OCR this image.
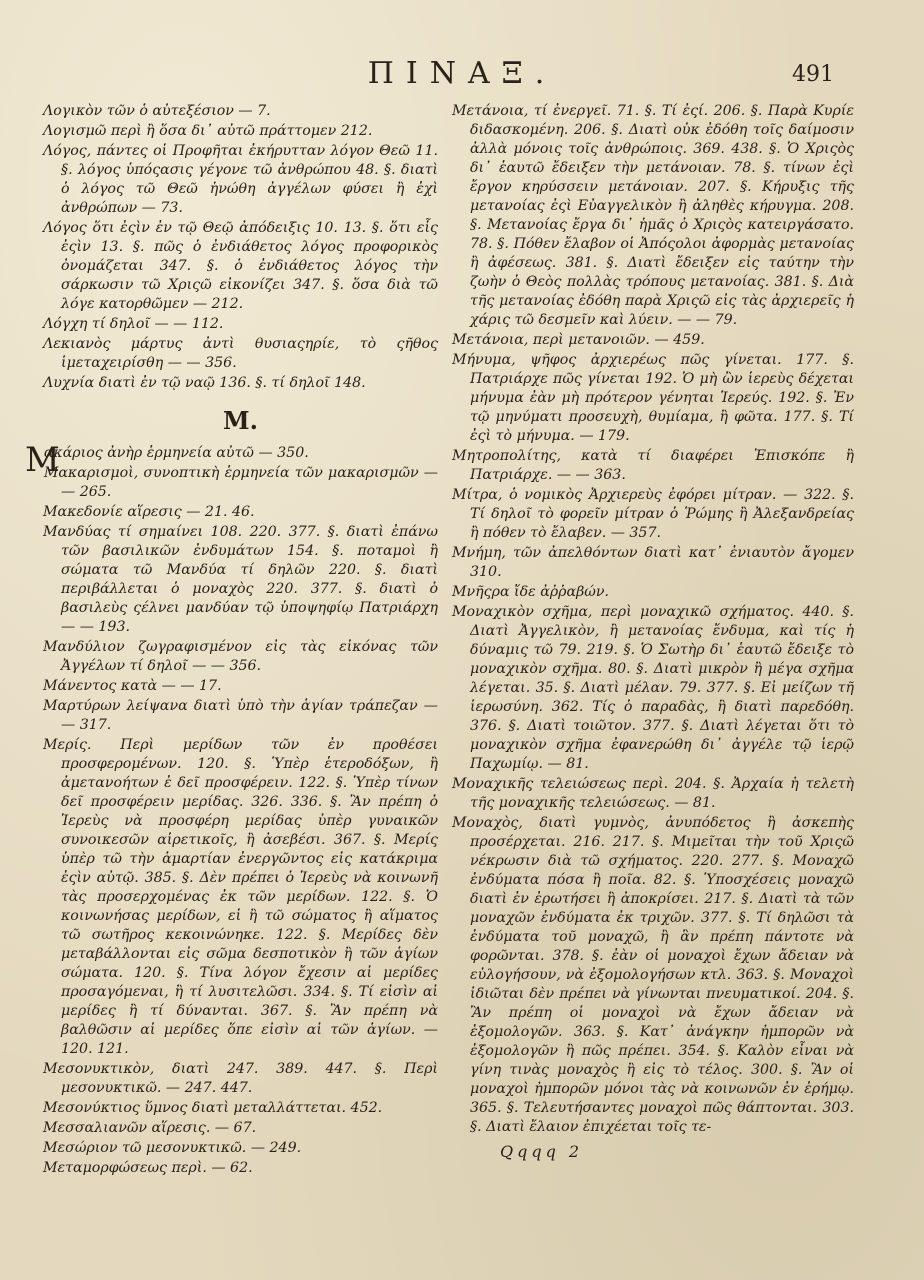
ΠΙΝΑΞ.	491

Λογικὸν τῶν ὁ αὐτεξέσιον — 7.

Λογισμῶ περὶ ἢ ὅσα δι᾿ αὐτῶ πράττομεν 212.

Λόγος, πάντες οἱ Προφῆται ἐκήρυτταν λόγον Θεῶ 11. §. λόγος ὑπόςασις γέγονε τῶ ἀνθρώπου 48. §. διατὶ ὁ λόγος τῶ Θεῶ ἡνώθη ἀγγέλων φύσει ἢ ἐχὶ ἀνθρώπων — 73.

Λόγος ὅτι ἐςὶν ἐν τῷ Θεῷ ἀπόδειξις 10. 13. §. ὅτι εἷς ἐςὶν 13. §. πῶς ὁ ἐνδιάθετος λόγος προφορικὸς ὀνομάζεται 347. §. ὁ ἐνδιάθετος λόγος τὴν σάρκωσιν τῶ Χριςῶ εἰκονίζει 347. §. ὅσα διὰ τῶ λόγε κατορθῶμεν — 212.

Λόγχη τί δηλοῖ — — 112.

Λεκιανὸς μάρτυς ἀντὶ θυσιαςηρίε, τὸ ςῆθος ἱμεταχειρίσθη — — 356.

Λυχνία διατὶ ἐν τῷ ναῷ 136. §. τί δηλοῖ 148.

Μ.

Μ
ακάριος ἀνὴρ ἑρμηνεία αὐτῶ — 350.

Μακαρισμοὶ, συνοπτικὴ ἑρμηνεία τῶν μακαρισμῶν — — 265.

Μακεδονίε αἵρεσις — 21. 46.

Μανδύας τί σημαίνει 108. 220. 377. §. διατὶ ἐπάνω τῶν βασιλικῶν ἐνδυμάτων 154. §. ποταμοὶ ἢ σώματα τῶ Μανδύα τί δηλῶν 220. §. διατὶ περιβάλλεται ὁ μοναχὸς 220. 377. §. διατὶ ὁ βασιλεὺς ςέλνει μανδύαν τῷ ὑποψηφίῳ Πατριάρχη — — 193.

Μανδύλιον ζωγραφισμένον εἰς τὰς εἰκόνας τῶν Ἀγγέλων τί δηλοῖ — — 356.

Μάνεντος κατὰ — — 17.

Μαρτύρων λείψανα διατὶ ὑπὸ τὴν ἁγίαν τράπεζαν — — 317.

Μερίς. Περὶ μερίδων τῶν ἐν προθέσει προσφερομένων. 120. §. Ὑπὲρ ἑτεροδόξων, ἢ ἀμετανοήτων ἐ δεῖ προσφέρειν. 122. §. Ὑπὲρ τίνων δεῖ προσφέρειν μερίδας. 326. 336. §. Ἂν πρέπη ὁ Ἱερεὺς νὰ προσφέρη μερίδας ὑπὲρ γυναικῶν συνοικεσῶν αἱρετικοῖς, ἢ ἀσεβέσι. 367. §. Μερίς ὑπὲρ τῶ τὴν ἁμαρτίαν ἐνεργῶντος εἰς κατάκριμα ἐςὶν αὐτῷ. 385. §. Δὲν πρέπει ὁ Ἱερεὺς νὰ κοινωνῆ τὰς προσερχομένας ἐκ τῶν μερίδων. 122. §. Ὁ κοινωνήσας μερίδων, εἰ ἢ τῶ σώματος ἢ αἵματος τῶ σωτῆρος κεκοινώνηκε. 122. §. Μερίδες δὲν μεταβάλλονται εἰς σῶμα δεσποτικὸν ἢ τῶν ἁγίων σώματα. 120. §. Τίνα λόγον ἔχεσιν αἱ μερίδες προσαγόμεναι, ἢ τί λυσιτελῶσι. 334. §. Τί εἰσὶν αἱ μερίδες ἢ τί δύνανται. 367. §. Ἂν πρέπη νὰ βαλθῶσιν αἱ μερίδες ὅπε εἰσὶν αἱ τῶν ἁγίων. — 120. 121.

Μεσονυκτικὸν, διατὶ 247. 389. 447. §. Περὶ μεσονυκτικῶ. — 247. 447.

Μεσονύκτιος ὕμνος διατὶ μεταλλάττεται. 452.

Μεσσαλιανῶν αἵρεσις. — 67.

Μεσώριον τῶ μεσονυκτικῶ. — 249.

Μεταμορφώσεως περὶ. — 62.

Μετάνοια, τί ἐνεργεῖ. 71. §. Τί ἐςί. 206. §. Παρὰ Κυρίε διδασκομένη. 206. §. Διατὶ οὐκ ἐδόθη τοῖς δαίμοσιν ἀλλὰ μόνοις τοῖς ἀνθρώποις. 369. 438. §. Ὁ Χριςὸς δι᾿ ἑαυτῶ ἔδειξεν τὴν μετάνοιαν. 78. §. τίνων ἐςὶ ἔργον κηρύσσειν μετάνοιαν. 207. §. Κήρυξις τῆς μετανοίας ἐςὶ Εὐαγγελικὸν ἢ ἀληθὲς κήρυγμα. 208. §. Μετανοίας ἔργα δι᾿ ἡμᾶς ὁ Χριςὸς κατειργάσατο. 78. §. Πόθεν ἔλαβον οἱ Ἀπόςολοι ἀφορμὰς μετανοίας ἢ ἀφέσεως. 381. §. Διατὶ ἔδειξεν εἰς ταύτην τὴν ζωὴν ὁ Θεὸς πολλὰς τρόπους μετανοίας. 381. §. Διὰ τῆς μετανοίας ἐδόθη παρὰ Χριςῶ εἰς τὰς ἀρχιερεῖς ἡ χάρις τῶ δεσμεῖν καὶ λύειν. — — 79.

Μετάνοια, περὶ μετανοιῶν. — 459.

Μήνυμα, ψῆφος ἀρχιερέως πῶς γίνεται. 177. §. Πατριάρχε πῶς γίνεται 192. Ὁ μὴ ὢν ἱερεὺς δέχεται μήνυμα ἐὰν μὴ πρότερον γένηται Ἱερεύς. 192. §. Ἐν τῷ μηνύματι προσευχὴ, θυμίαμα, ἢ φῶτα. 177. §. Τί ἐςὶ τὸ μήνυμα. — 179.

Μητροπολίτης, κατὰ τί διαφέρει Ἐπισκόπε ἢ Πατριάρχε. — — 363.

Μίτρα, ὁ νομικὸς Ἀρχιερεὺς ἐφόρει μίτραν. — 322. §. Τί δηλοῖ τὸ φορεῖν μίτραν ὁ Ῥώμης ἢ Ἀλεξανδρείας ἢ πόθεν τὸ ἔλαβεν. — 357.

Μνήμη, τῶν ἀπελθόντων διατὶ κατ᾿ ἐνιαυτὸν ἄγομεν 310.

Μνῆςρα ἴδε ἀῤῥαβών.

Μοναχικὸν σχῆμα, περὶ μοναχικῶ σχήματος. 440. §. Διατὶ Ἀγγελικὸν, ἢ μετανοίας ἔνδυμα, καὶ τίς ἡ δύναμις τῶ 79. 219. §. Ὁ Σωτὴρ δι᾿ ἑαυτῶ ἔδειξε τὸ μοναχικὸν σχῆμα. 80. §. Διατὶ μικρὸν ἢ μέγα σχῆμα λέγεται. 35. §. Διατὶ μέλαν. 79. 377. §. Εἰ μείζων τῆ ἱερωσύνη. 362. Τίς ὁ παραδὰς, ἢ διατὶ παρεδόθη. 376. §. Διατὶ τοιῶτον. 377. §. Διατὶ λέγεται ὅτι τὸ μοναχικὸν σχῆμα ἐφανερώθη δι᾿ ἀγγέλε τῷ ἱερῷ Παχωμίῳ. — 81.

Μοναχικῆς τελειώσεως περὶ. 204. §. Ἀρχαία ἡ τελετὴ τῆς μοναχικῆς τελειώσεως. — 81.

Μοναχὸς, διατὶ γυμνὸς, ἀνυπόδετος ἢ ἀσκεπὴς προσέρχεται. 216. 217. §. Μιμεῖται τὴν τοῦ Χριςῶ νέκρωσιν διὰ τῶ σχήματος. 220. 277. §. Μοναχῶ ἐνδύματα πόσα ἢ ποῖα. 82. §. Ὑποσχέσεις μοναχῶ διατὶ ἐν ἐρωτήσει ἢ ἀποκρίσει. 217. §. Διατὶ τὰ τῶν μοναχῶν ἐνδύματα ἐκ τριχῶν. 377. §. Τί δηλῶσι τὰ ἐνδύματα τοῦ μοναχῶ, ἢ ἂν πρέπη πάντοτε νὰ φορῶνται. 378. §. ἐὰν οἱ μοναχοὶ ἔχων ἄδειαν νὰ εὐλογήσουν, νὰ ἐξομολογήσων κτλ. 363. §. Μοναχοὶ ἰδιῶται δὲν πρέπει νὰ γίνωνται πνευματικοί. 204. §. Ἂν πρέπη οἱ μοναχοὶ νὰ ἔχων ἄδειαν νὰ ἐξομολογῶν. 363. §. Κατ᾿ ἀνάγκην ἠμπορῶν νὰ ἐξομολογῶν ἢ πῶς πρέπει. 354. §. Καλὸν εἶναι νὰ γίνη τινὰς μοναχὸς ἢ εἰς τὸ τέλος. 300. §. Ἂν οἱ μοναχοὶ ἠμπορῶν μόνοι τὰς νὰ κοινωνῶν ἐν ἐρήμῳ. 365. §. Τελευτήσαντες μοναχοὶ πῶς θάπτονται. 303. §. Διατὶ ἔλαιον ἐπιχέεται τοῖς τε-

Qqqq 2
